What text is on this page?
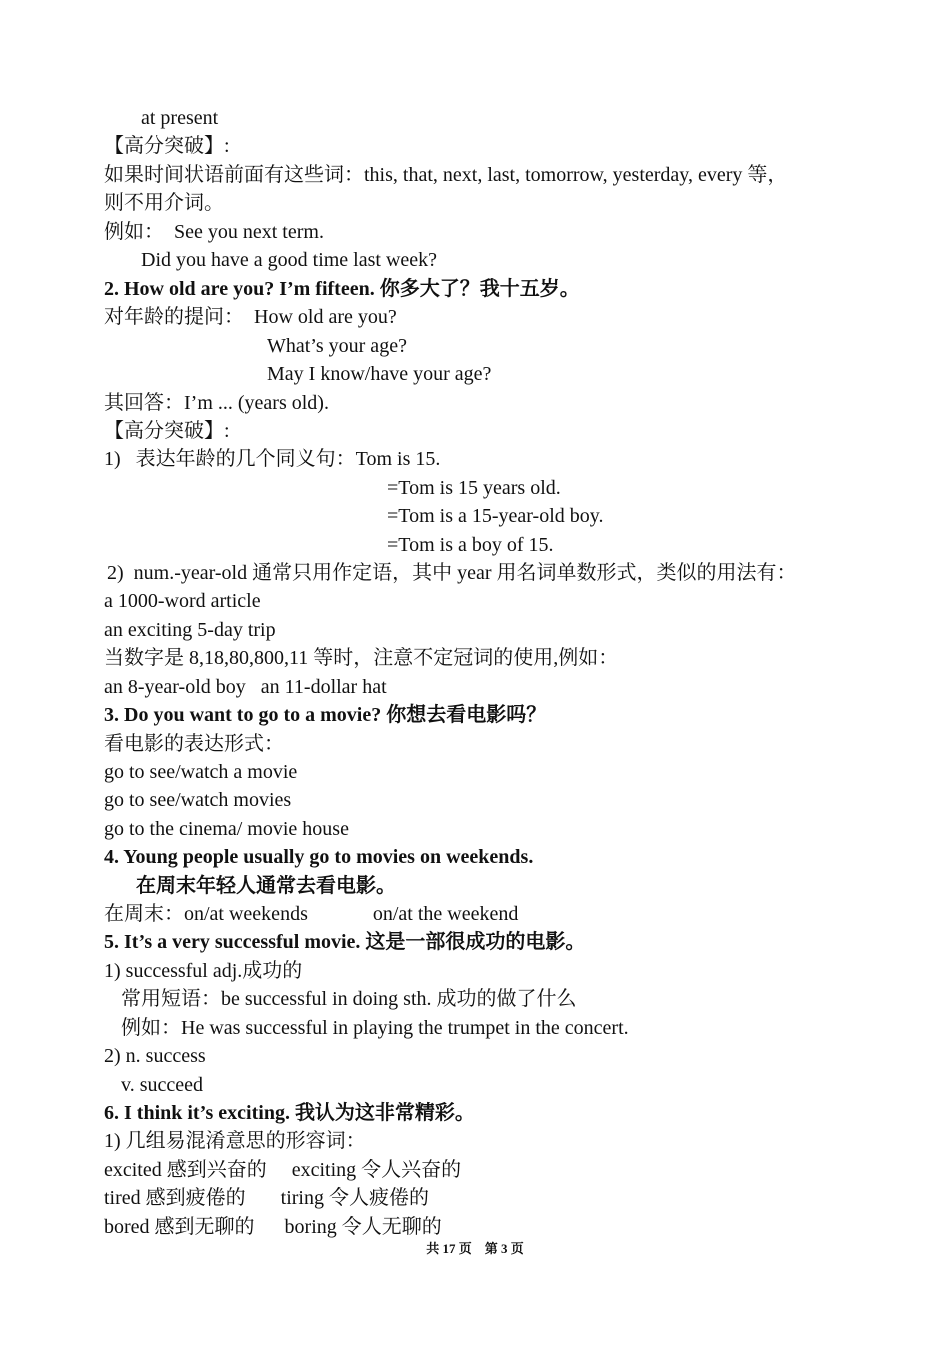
at present
【高分突破】:
如果时间状语前面有这些词：this, that, next, last, tomorrow, yesterday, every 等，
则不用介词。
例如：  See you next term.
Did you have a good time last week?
2. How old are you? I’m fifteen. 你多大了？我十五岁。
对年龄的提问：  How old are you?
What’s your age?
May I know/have your age?
其回答：I’m ... (years old).
【高分突破】:
1)   表达年龄的几个同义句：Tom is 15.
=Tom is 15 years old.
=Tom is a 15-year-old boy.
=Tom is a boy of 15.
2)  num.-year-old 通常只用作定语，其中 year 用名词单数形式，类似的用法有：
a 1000-word article
an exciting 5-day trip
当数字是 8,18,80,800,11 等时，注意不定冠词的使用,例如：
an 8-year-old boy   an 11-dollar hat
3. Do you want to go to a movie? 你想去看电影吗？
看电影的表达形式：
go to see/watch a movie
go to see/watch movies
go to the cinema/ movie house
4. Young people usually go to movies on weekends.
在周末年轻人通常去看电影。
在周末：on/at weekends             on/at the weekend
5. It’s a very successful movie. 这是一部很成功的电影。
1) successful adj.成功的
常用短语：be successful in doing sth. 成功的做了什么
例如：He was successful in playing the trumpet in the concert.
2) n. success
v. succeed
6. I think it’s exciting. 我认为这非常精彩。
1) 几组易混淆意思的形容词：
excited 感到兴奋的     exciting 令人兴奋的
tired 感到疲倦的       tiring 令人疲倦的
bored 感到无聊的      boring 令人无聊的
共 17 页    第 3 页
